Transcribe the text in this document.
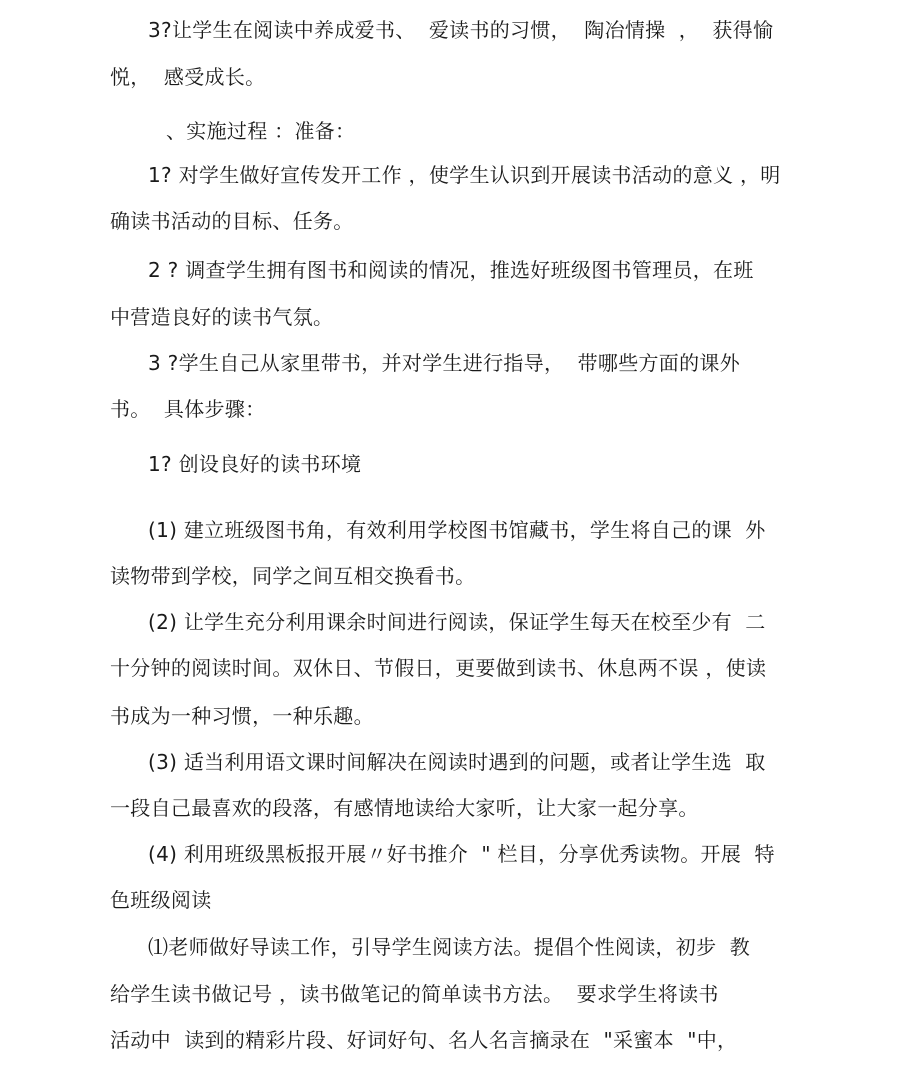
3?让学生在阅读中养成爱书、  爱读书的习惯，  陶冶情操  ，  获得愉
悦，  感受成长。
、实施过程 ：准备：
1? 对学生做好宣传发开工作 ，使学生认识到开展读书活动的意义 ，明
确读书活动的目标、任务。
2 ? 调查学生拥有图书和阅读的情况，推选好班级图书管理员，在班
中营造良好的读书气氛。
3 ?学生自己从家里带书，并对学生进行指导，  带哪些方面的课外
书。  具体步骤：
1? 创设良好的读书环境
(1) 建立班级图书角，有效利用学校图书馆藏书，学生将自己的课  外
读物带到学校，同学之间互相交换看书。
(2) 让学生充分利用课余时间进行阅读，保证学生每天在校至少有  二
十分钟的阅读时间。双休日、节假日，更要做到读书、休息两不误 ，使读
书成为一种习惯，一种乐趣。
(3) 适当利用语文课时间解决在阅读时遇到的问题，或者让学生选  取
一段自己最喜欢的段落，有感情地读给大家听，让大家一起分享。
(4) 利用班级黑板报开展〃好书推介  " 栏目，分享优秀读物。开展  特
色班级阅读
⑴老师做好导读工作，引导学生阅读方法。提倡个性阅读，初步  教
给学生读书做记号 ，读书做笔记的简单读书方法。  要求学生将读书
活动中  读到的精彩片段、好词好句、名人名言摘录在  "采蜜本  "中，
